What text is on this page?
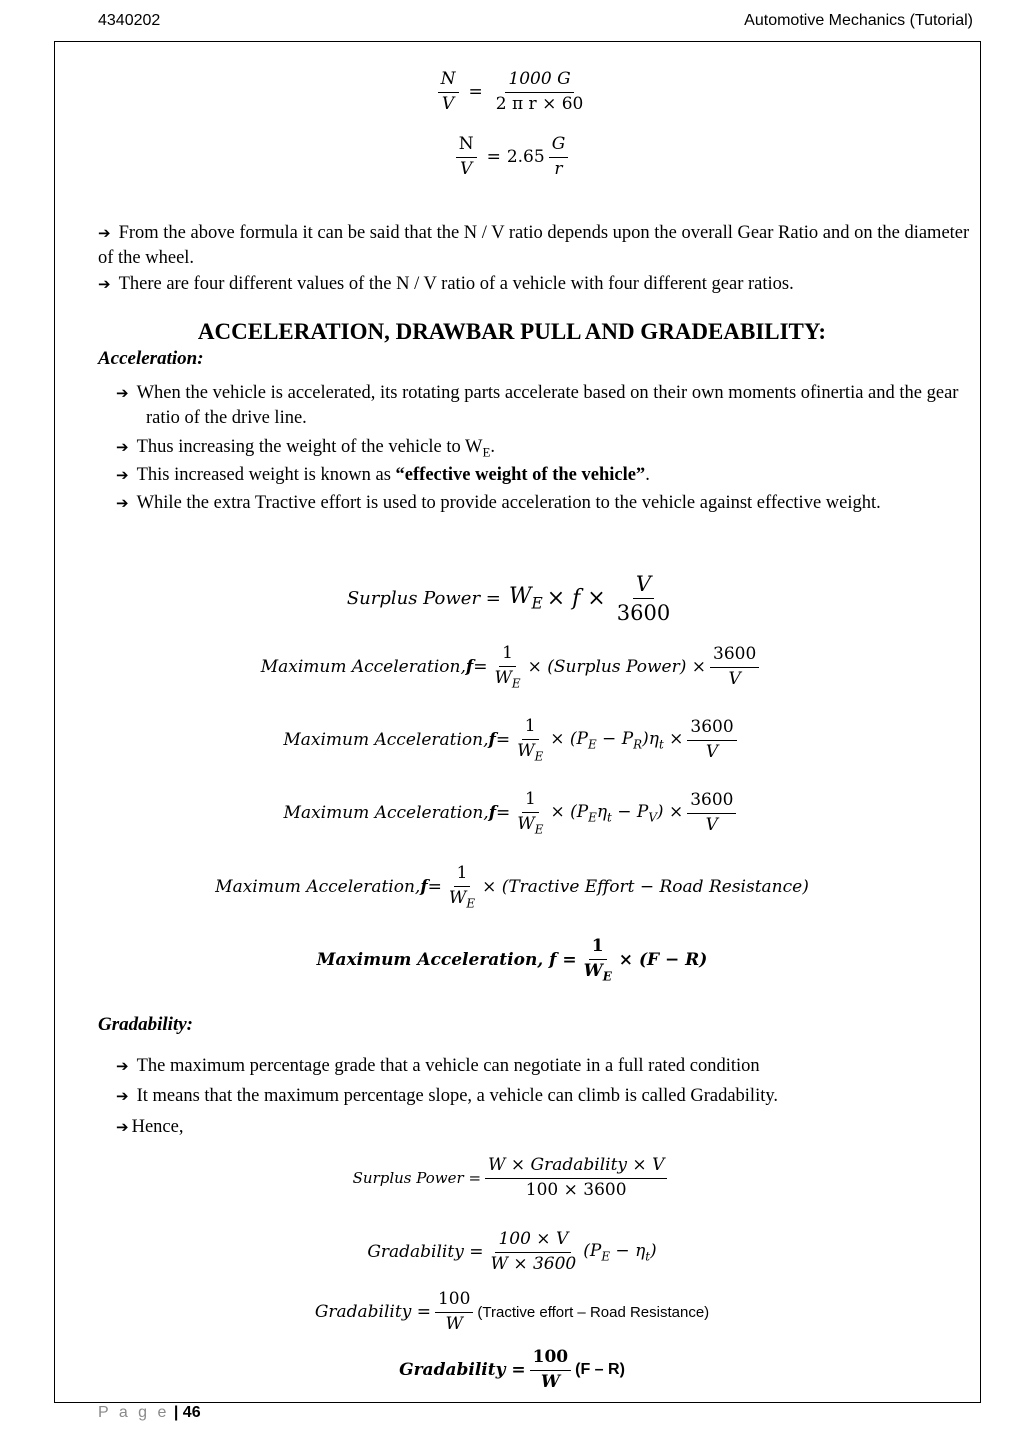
4340202	Automotive Mechanics (Tutorial)
$\frac{N}{V} = \frac{1000 G}{\text{2 π r × 60}}$
$\frac{N}{V} = 2.65 \frac{G}{r}$
➔ From the above formula it can be said that the N / V ratio depends upon the overall Gear Ratio and on the diameter of the wheel.
➔ There are four different values of the N / V ratio of a vehicle with four different gear ratios.
ACCELERATION, DRAWBAR PULL AND GRADEABILITY:
Acceleration:
➔ When the vehicle is accelerated, its rotating parts accelerate based on their own moments ofinertia and the gear ratio of the drive line.
➔ Thus increasing the weight of the vehicle to $W_E$.
➔ This increased weight is known as “effective weight of the vehicle”.
➔ While the extra Tractive effort is used to provide acceleration to the vehicle against effective weight.
Surplus Power = $W_E \times f \times \frac{V}{3600}$
Maximum Acceleration, $f = \frac{1}{W_E}$ × (Surplus Power) × $\frac{3600}{V}$
Maximum Acceleration, $f = \frac{1}{W_E} \times (P_E - P_R)\eta_t \times \frac{3600}{V}$
Maximum Acceleration, $f = \frac{1}{W_E} \times (P_E\eta_t - P_V) \times \frac{3600}{V}$
Maximum Acceleration, $f = \frac{1}{W_E}$ × (Tractive Effort − Road Resistance)
Maximum Acceleration, $f = \frac{1}{W_E} \times (F - R)$
Gradability:
➔ The maximum percentage grade that a vehicle can negotiate in a full rated condition
➔ It means that the maximum percentage slope, a vehicle can climb is called Gradability.
➔ Hence,
Surplus Power = $\frac{\text{W × Gradability × V}}{100 \times 3600}$
Gradability = $\frac{100 \times V}{W \times 3600} (P_E - \eta_t)$
Gradability = $\frac{100}{W}$ (Tractive effort – Road Resistance)
Gradability = $\frac{100}{W} (F - R)$
P a g e | 46
